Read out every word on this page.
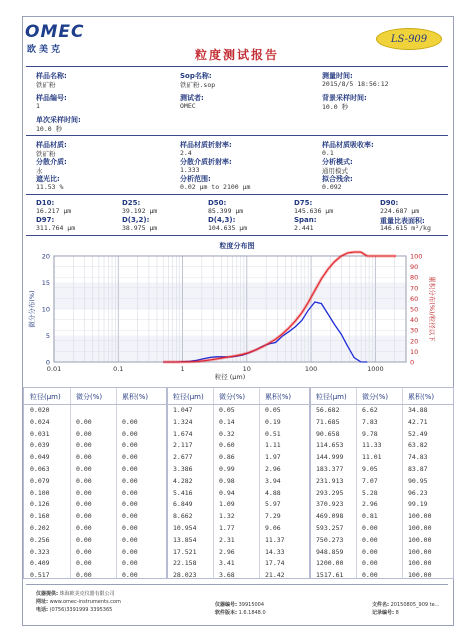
OMEC
欧美克
LS-909
粒度测试报告
样品名称:
铁矿粉
Sop名称:
铁矿粉.sop
测量时间:
2015/8/5 18:56:12
样品编号:
1
测试者:
OMEC
背景采样时间:
10.0 秒
单次采样时间:
10.0 秒
样品材质:
铁矿粉
样品材质折射率:
2.4
样品材质吸收率:
0.1
分散介质:
水
分散介质折射率:
1.333
分析模式:
通用模式
遮光比:
11.53 %
分析范围:
0.02 μm to 2100 μm
拟合残余:
0.092
D10:
16.217 μm
D25:
39.192 μm
D50:
85.399 μm
D75:
145.636 μm
D90:
224.687 μm
D97:
311.764 μm
D(3,2):
38.975 μm
D(4,3):
104.635 μm
Span:
2.441
重量比表面积:
146.615 m²/kg
粒度分布图
0.01	0.1	1	10	100	1000
0
5
10
15
20
0
10
20
30
40
50
60
70
80
90
100
粒径 (μm)
微分分布(%)	累积分布(%)/粒径以下
粒径(μm) 微分(%)	累积(%)
0.020
0.024	0.00	0.00
0.031	0.00	0.00
0.039	0.00	0.00
0.049	0.00	0.00
0.063	0.00	0.00
0.079	0.00	0.00
0.100	0.00	0.00
0.126	0.00	0.00
0.160	0.00	0.00
0.202	0.00	0.00
0.256	0.00	0.00
0.323	0.00	0.00
0.409	0.00	0.00
0.517	0.00	0.00
粒径(μm) 微分(%)	累积(%)
1.047	0.05	0.05
1.324	0.14	0.19
1.674	0.32	0.51
2.117	0.60	1.11
2.677	0.86	1.97
3.386	0.99	2.96
4.282	0.98	3.94
5.416	0.94	4.88
6.849	1.09	5.97
8.662	1.32	7.29
10.954	1.77	9.06
13.854	2.31	11.37
17.521	2.96	14.33
22.158	3.41	17.74
28.023	3.68	21.42
粒径(μm) 微分(%)	累积(%)
56.682	6.62	34.88
71.685	7.83	42.71
90.658	9.78	52.49
114.653	11.33	63.82
144.999	11.01	74.83
183.377	9.05	83.87
231.913	7.07	90.95
293.295	5.28	96.23
370.923	2.96	99.19
469.098	0.81	100.00
593.257	0.00	100.00
750.273	0.00	100.00
948.859	0.00	100.00
1200.00	0.00	100.00
1517.61	0.00	100.00
仪器提供: 珠海欧美克仪器有限公司
网址: www.omec-instruments.com
电话: (0756)3391999 3395365
仪器编号: 39915004
软件版本: 1.6.1848.0
文件名: 20150805_909 te...
记录编号: 8
